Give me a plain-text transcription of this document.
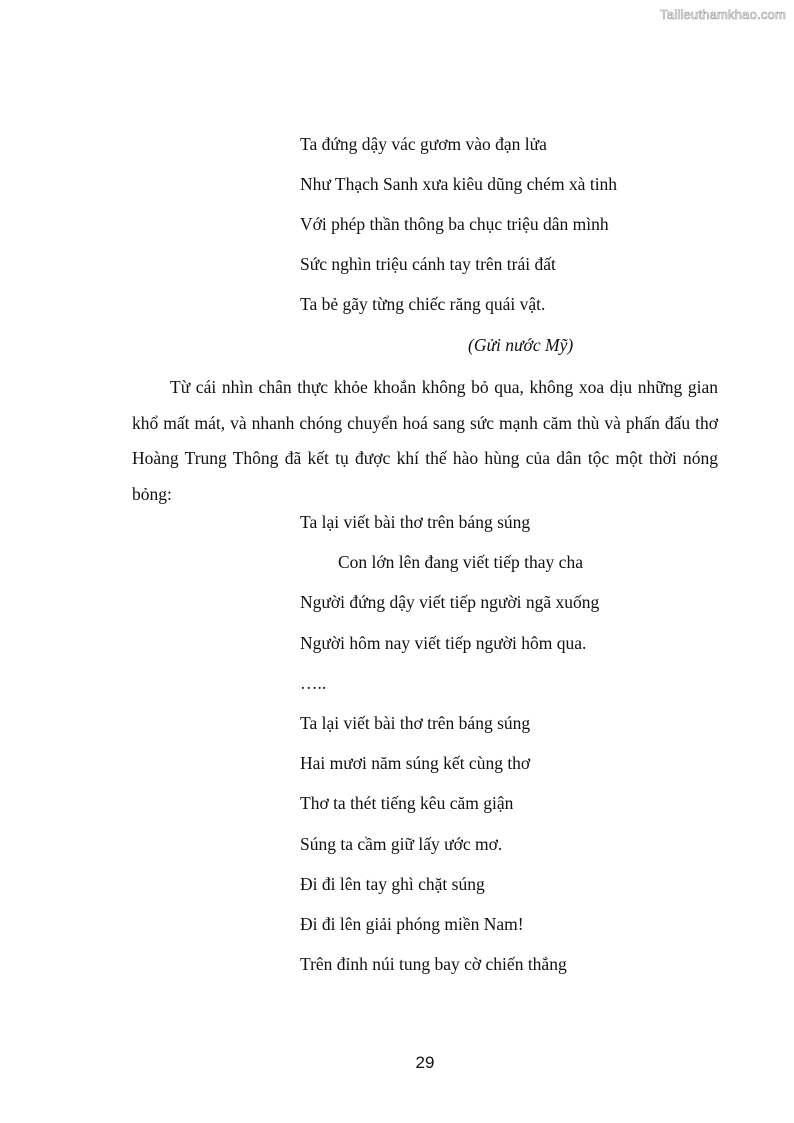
Tailieuthamkhao.com
Ta đứng dậy vác gươm vào đạn lửa
Như Thạch Sanh xưa kiêu dũng chém xà tinh
Với phép thần thông ba chục triệu dân mình
Sức nghìn triệu cánh tay trên trái đất
Ta bẻ gãy từng chiếc răng quái vật.
(Gửi nước Mỹ)

Từ cái nhìn chân thực khỏe khoắn không bỏ qua, không xoa dịu những gian khổ mất mát, và nhanh chóng chuyển hoá sang sức mạnh căm thù và phấn đấu thơ Hoàng Trung Thông đã kết tụ được khí thế hào hùng của dân tộc một thời nóng bỏng:

Ta lại viết bài thơ trên báng súng
Con lớn lên đang viết tiếp thay cha
Người đứng dậy viết tiếp người ngã xuống
Người hôm nay viết tiếp người hôm qua.
…..
Ta lại viết bài thơ trên báng súng
Hai mươi năm súng kết cùng thơ
Thơ ta thét tiếng kêu căm giận
Súng ta cầm giữ lấy ước mơ.
Đi đi lên tay ghì chặt súng
Đi đi lên giải phóng miền Nam!
Trên đỉnh núi tung bay cờ chiến thắng
29
